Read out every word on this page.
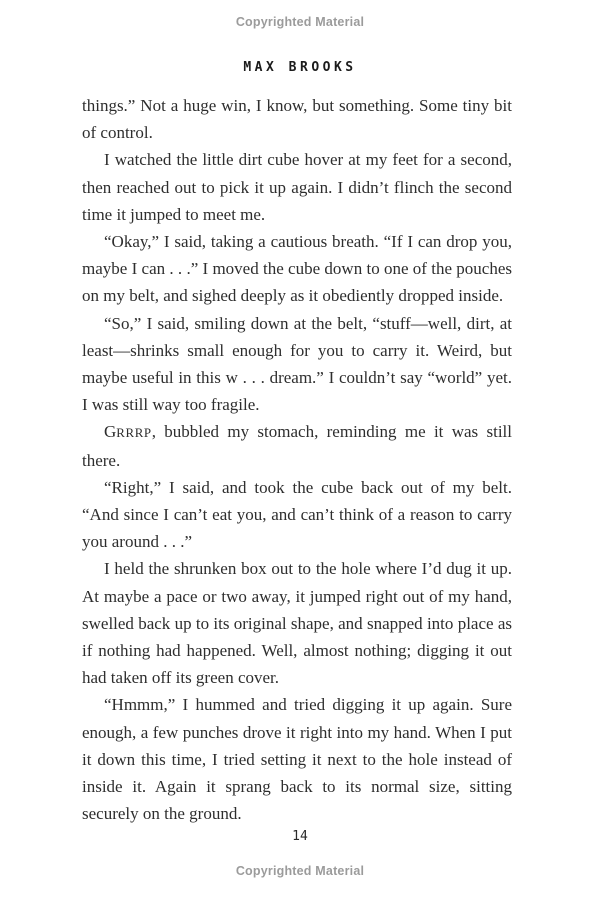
Copyrighted Material
MAX BROOKS

things.” Not a huge win, I know, but something. Some tiny bit of control.

I watched the little dirt cube hover at my feet for a second, then reached out to pick it up again. I didn’t flinch the second time it jumped to meet me.

“Okay,” I said, taking a cautious breath. “If I can drop you, maybe I can . . .” I moved the cube down to one of the pouches on my belt, and sighed deeply as it obediently dropped inside.

“So,” I said, smiling down at the belt, “stuff—well, dirt, at least—shrinks small enough for you to carry it. Weird, but maybe useful in this w . . . dream.” I couldn’t say “world” yet. I was still way too fragile.

GRRRP, bubbled my stomach, reminding me it was still there.

“Right,” I said, and took the cube back out of my belt. “And since I can’t eat you, and can’t think of a reason to carry you around . . .”

I held the shrunken box out to the hole where I’d dug it up. At maybe a pace or two away, it jumped right out of my hand, swelled back up to its original shape, and snapped into place as if nothing had happened. Well, almost nothing; digging it out had taken off its green cover.

“Hmmm,” I hummed and tried digging it up again. Sure enough, a few punches drove it right into my hand. When I put it down this time, I tried setting it next to the hole instead of inside it. Again it sprang back to its normal size, sitting securely on the ground.

14
Copyrighted Material
